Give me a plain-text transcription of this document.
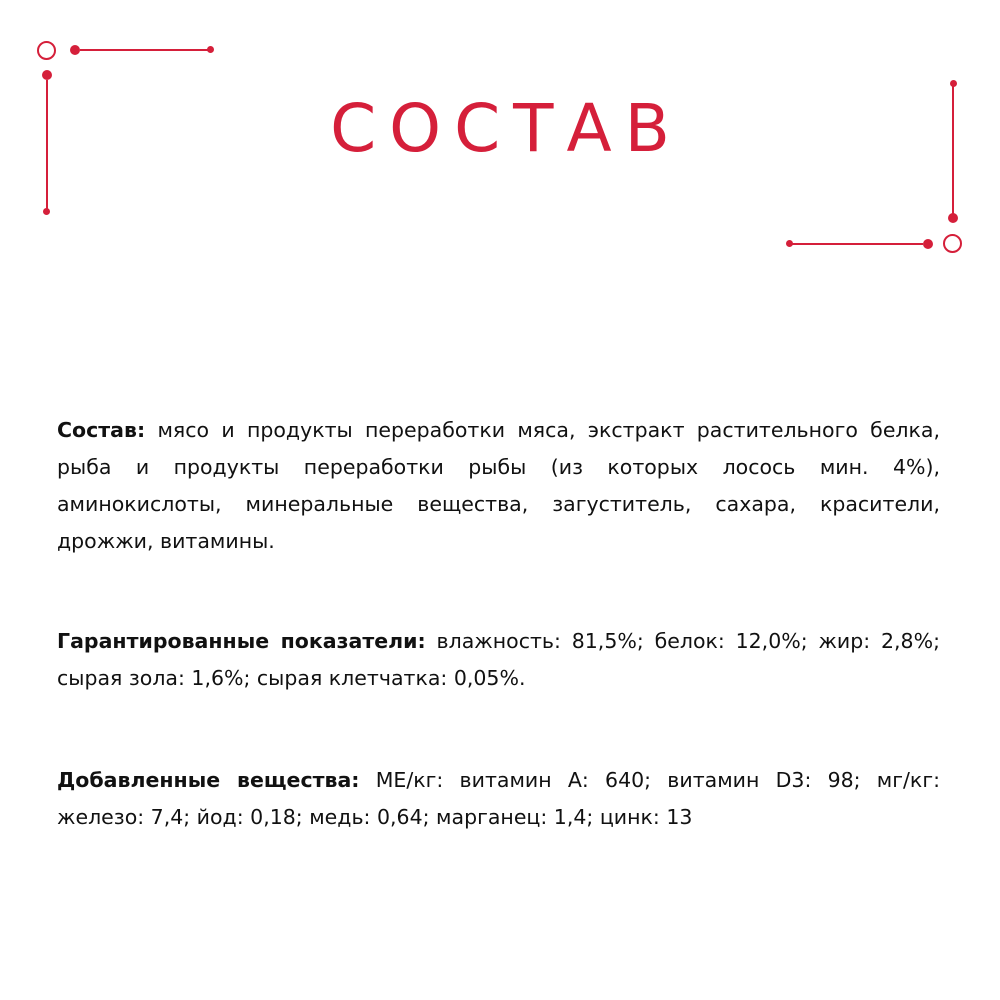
СОСТАВ

Состав: мясо и продукты переработки мяса, экстракт растительного белка, рыба и продукты переработки рыбы (из которых лосось мин. 4%), аминокислоты, минеральные вещества, загуститель, сахара, красители, дрожжи, витамины.

Гарантированные показатели: влажность: 81,5%; белок: 12,0%; жир: 2,8%; сырая зола: 1,6%; сырая клетчатка: 0,05%.

Добавленные вещества: МЕ/кг: витамин А: 640; витамин D3: 98; мг/кг: железо: 7,4; йод: 0,18; медь: 0,64; марганец: 1,4; цинк: 13
